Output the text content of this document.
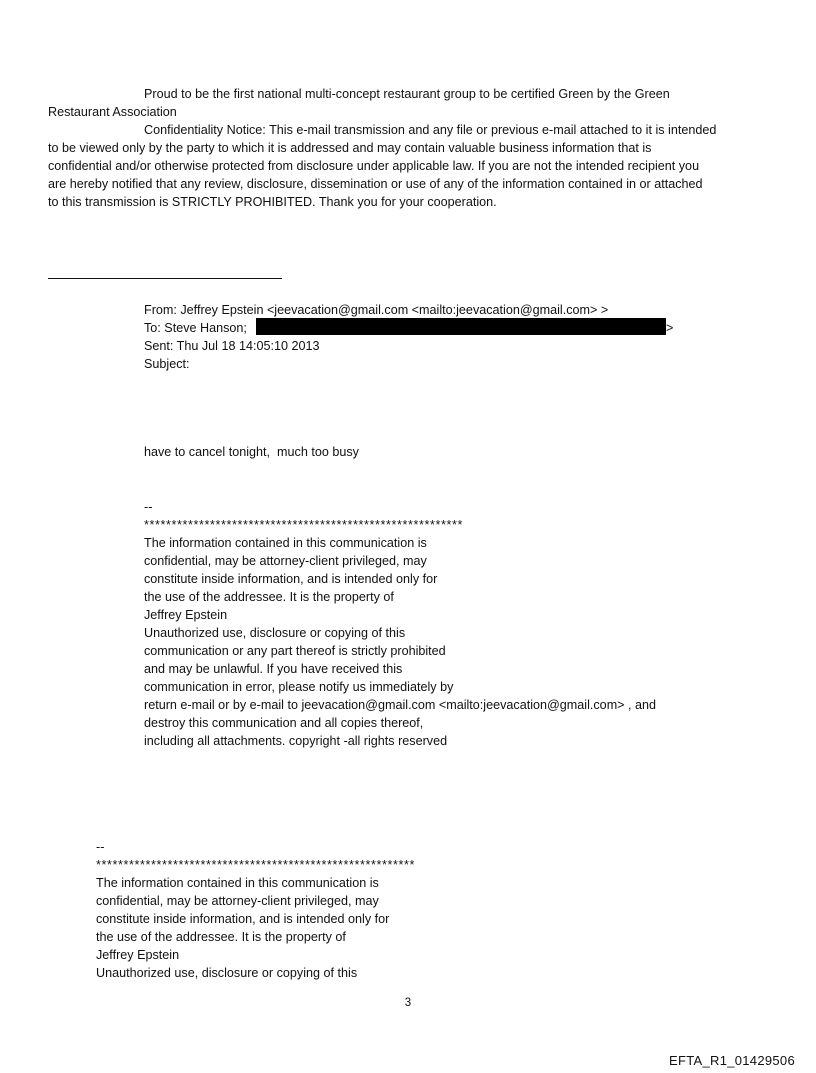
Proud to be the first national multi-concept restaurant group to be certified Green by the Green
Restaurant Association
Confidentiality Notice: This e-mail transmission and any file or previous e-mail attached to it is intended
to be viewed only by the party to which it is addressed and may contain valuable business information that is
confidential and/or otherwise protected from disclosure under applicable law. If you are not the intended recipient you
are hereby notified that any review, disclosure, dissemination or use of any of the information contained in or attached
to this transmission is STRICTLY PROHIBITED. Thank you for your cooperation.
From: Jeffrey Epstein <jeevacation@gmail.com <mailto:jeevacation@gmail.com> >
To: Steve Hanson;	>
Sent: Thu Jul 18 14:05:10 2013
Subject:
have to cancel tonight,  much too busy
--
**********************************************************
The information contained in this communication is
confidential, may be attorney-client privileged, may
constitute inside information, and is intended only for
the use of the addressee. It is the property of
Jeffrey Epstein
Unauthorized use, disclosure or copying of this
communication or any part thereof is strictly prohibited
and may be unlawful. If you have received this
communication in error, please notify us immediately by
return e-mail or by e-mail to jeevacation@gmail.com <mailto:jeevacation@gmail.com> , and
destroy this communication and all copies thereof,
including all attachments. copyright -all rights reserved
--
**********************************************************
The information contained in this communication is
confidential, may be attorney-client privileged, may
constitute inside information, and is intended only for
the use of the addressee. It is the property of
Jeffrey Epstein
Unauthorized use, disclosure or copying of this
3
EFTA_R1_01429506
